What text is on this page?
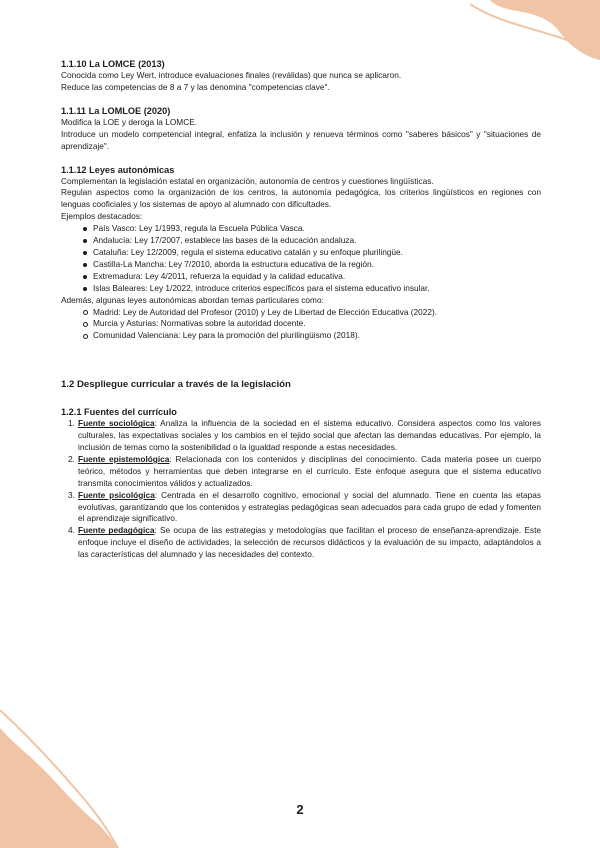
1.1.10 La LOMCE (2013)

Conocida como Ley Wert, introduce evaluaciones finales (reválidas) que nunca se aplicaron.

Reduce las competencias de 8 a 7 y las denomina "competencias clave".

1.1.11 La LOMLOE (2020)

Modifica la LOE y deroga la LOMCE.

Introduce un modelo competencial integral, enfatiza la inclusión y renueva términos como "saberes básicos" y "situaciones de aprendizaje".

1.1.12 Leyes autonómicas

Complementan la legislación estatal en organización, autonomía de centros y cuestiones lingüísticas.

Regulan aspectos como la organización de los centros, la autonomía pedagógica, los criterios lingüísticos en regiones con lenguas cooficiales y los sistemas de apoyo al alumnado con dificultades.

Ejemplos destacados:

País Vasco: Ley 1/1993, regula la Escuela Pública Vasca.
Andalucía: Ley 17/2007, establece las bases de la educación andaluza.
Cataluña: Ley 12/2009, regula el sistema educativo catalán y su enfoque plurilingüe.
Castilla-La Mancha: Ley 7/2010, aborda la estructura educativa de la región.
Extremadura: Ley 4/2011, refuerza la equidad y la calidad educativa.
Islas Baleares: Ley 1/2022, introduce criterios específicos para el sistema educativo insular.

Además, algunas leyes autonómicas abordan temas particulares como:

Madrid: Ley de Autoridad del Profesor (2010) y Ley de Libertad de Elección Educativa (2022).
Murcia y Asturias: Normativas sobre la autoridad docente.
Comunidad Valenciana: Ley para la promoción del plurilingüismo (2018).
1.2 Despliegue curricular a través de la legislación
1.2.1 Fuentes del currículo
1. Fuente sociológica: Analiza la influencia de la sociedad en el sistema educativo. Considera aspectos como los valores culturales, las expectativas sociales y los cambios en el tejido social que afectan las demandas educativas. Por ejemplo, la inclusión de temas como la sostenibilidad o la igualdad responde a estas necesidades.
2. Fuente epistemológica: Relacionada con los contenidos y disciplinas del conocimiento. Cada materia posee un cuerpo teórico, métodos y herramientas que deben integrarse en el currículo. Este enfoque asegura que el sistema educativo transmita conocimientos válidos y actualizados.
3. Fuente psicológica: Centrada en el desarrollo cognitivo, emocional y social del alumnado. Tiene en cuenta las etapas evolutivas, garantizando que los contenidos y estrategias pedagógicas sean adecuados para cada grupo de edad y fomenten el aprendizaje significativo.
4. Fuente pedagógica: Se ocupa de las estrategias y metodologías que facilitan el proceso de enseñanza-aprendizaje. Este enfoque incluye el diseño de actividades, la selección de recursos didácticos y la evaluación de su impacto, adaptándolos a las características del alumnado y las necesidades del contexto.
2
